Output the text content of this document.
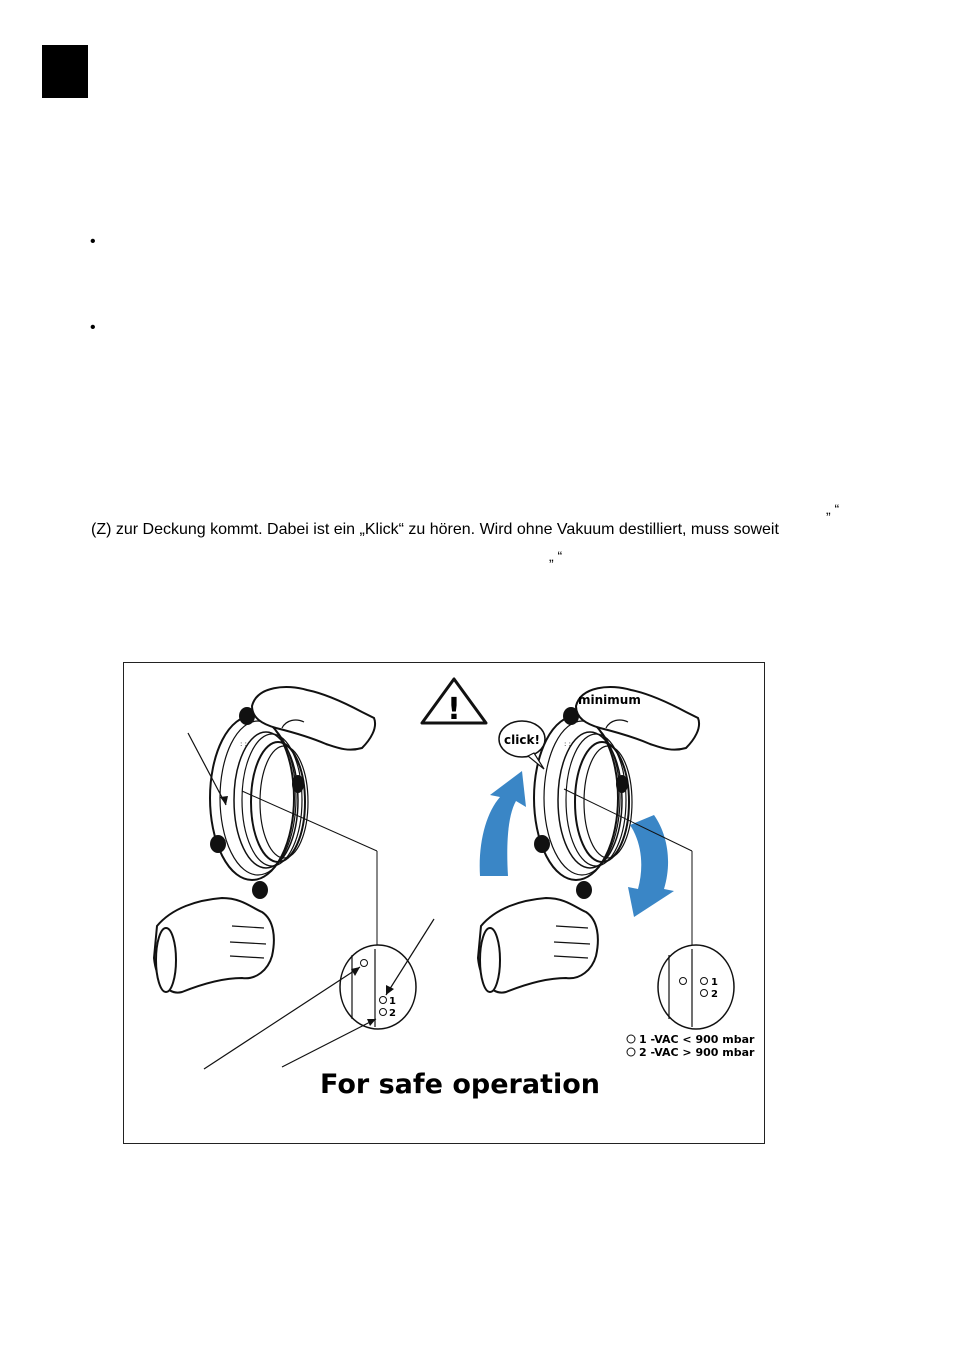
•
•
„ “
(Z) zur Deckung kommt. Dabei ist ein „Klick“ zu hören. Wird ohne Vakuum destilliert, muss soweit
„ “
: :
!	minimum
click!
1
2
1
2
1 -VAC < 900 mbar
2 -VAC > 900 mbar
For safe operation
